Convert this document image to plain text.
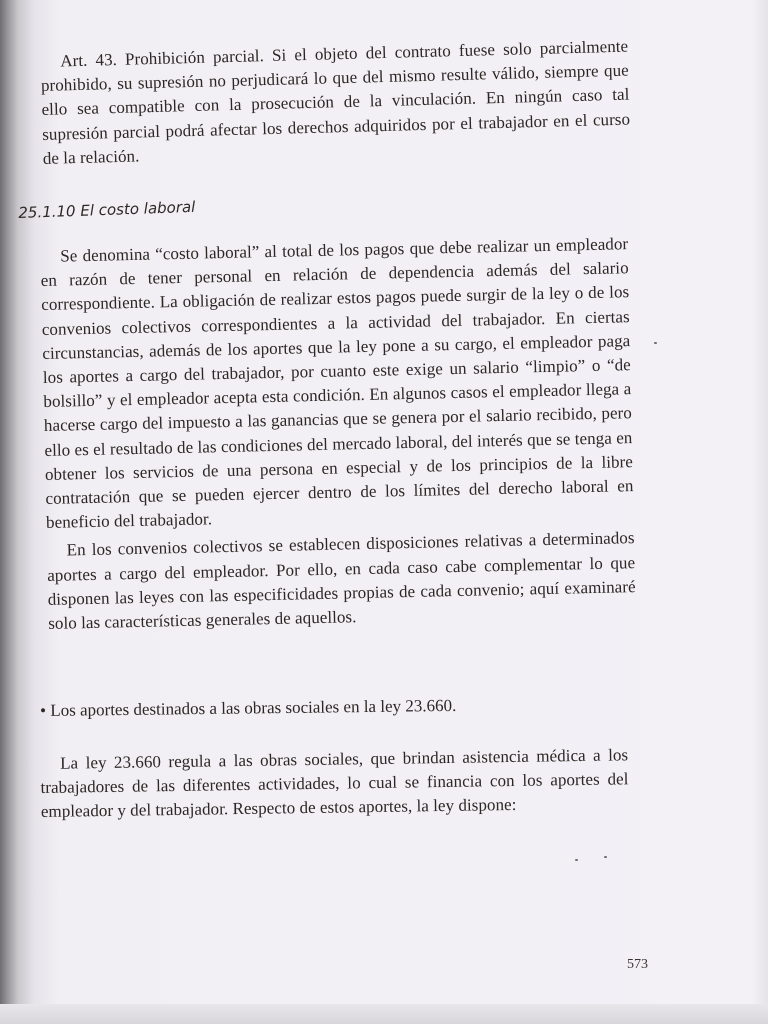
Art. 43. Prohibición parcial. Si el objeto del contrato fuese solo parcialmente prohibido, su supresión no perjudicará lo que del mismo resulte válido, siempre que ello sea compatible con la prosecución de la vinculación. En ningún caso tal supresión parcial podrá afectar los derechos adquiridos por el trabajador en el curso de la relación.

25.1.10 El costo laboral

Se denomina “costo laboral” al total de los pagos que debe realizar un empleador en razón de tener personal en relación de dependencia además del salario correspondiente. La obligación de realizar estos pagos puede surgir de la ley o de los convenios colectivos correspondientes a la actividad del trabajador. En ciertas circunstancias, además de los aportes que la ley pone a su cargo, el empleador paga los aportes a cargo del trabajador, por cuanto este exige un salario “limpio” o “de bolsillo” y el empleador acepta esta condición. En algunos casos el empleador llega a hacerse cargo del impuesto a las ganancias que se genera por el salario recibido, pero ello es el resultado de las condiciones del mercado laboral, del interés que se tenga en obtener los servicios de una persona en especial y de los principios de la libre contratación que se pueden ejercer dentro de los límites del derecho laboral en beneficio del trabajador.

En los convenios colectivos se establecen disposiciones relativas a determinados aportes a cargo del empleador. Por ello, en cada caso cabe complementar lo que disponen las leyes con las especificidades propias de cada convenio; aquí examinaré solo las características generales de aquellos.

• Los aportes destinados a las obras sociales en la ley 23.660.

La ley 23.660 regula a las obras sociales, que brindan asistencia médica a los trabajadores de las diferentes actividades, lo cual se financia con los aportes del empleador y del trabajador. Respecto de estos aportes, la ley dispone:

573
